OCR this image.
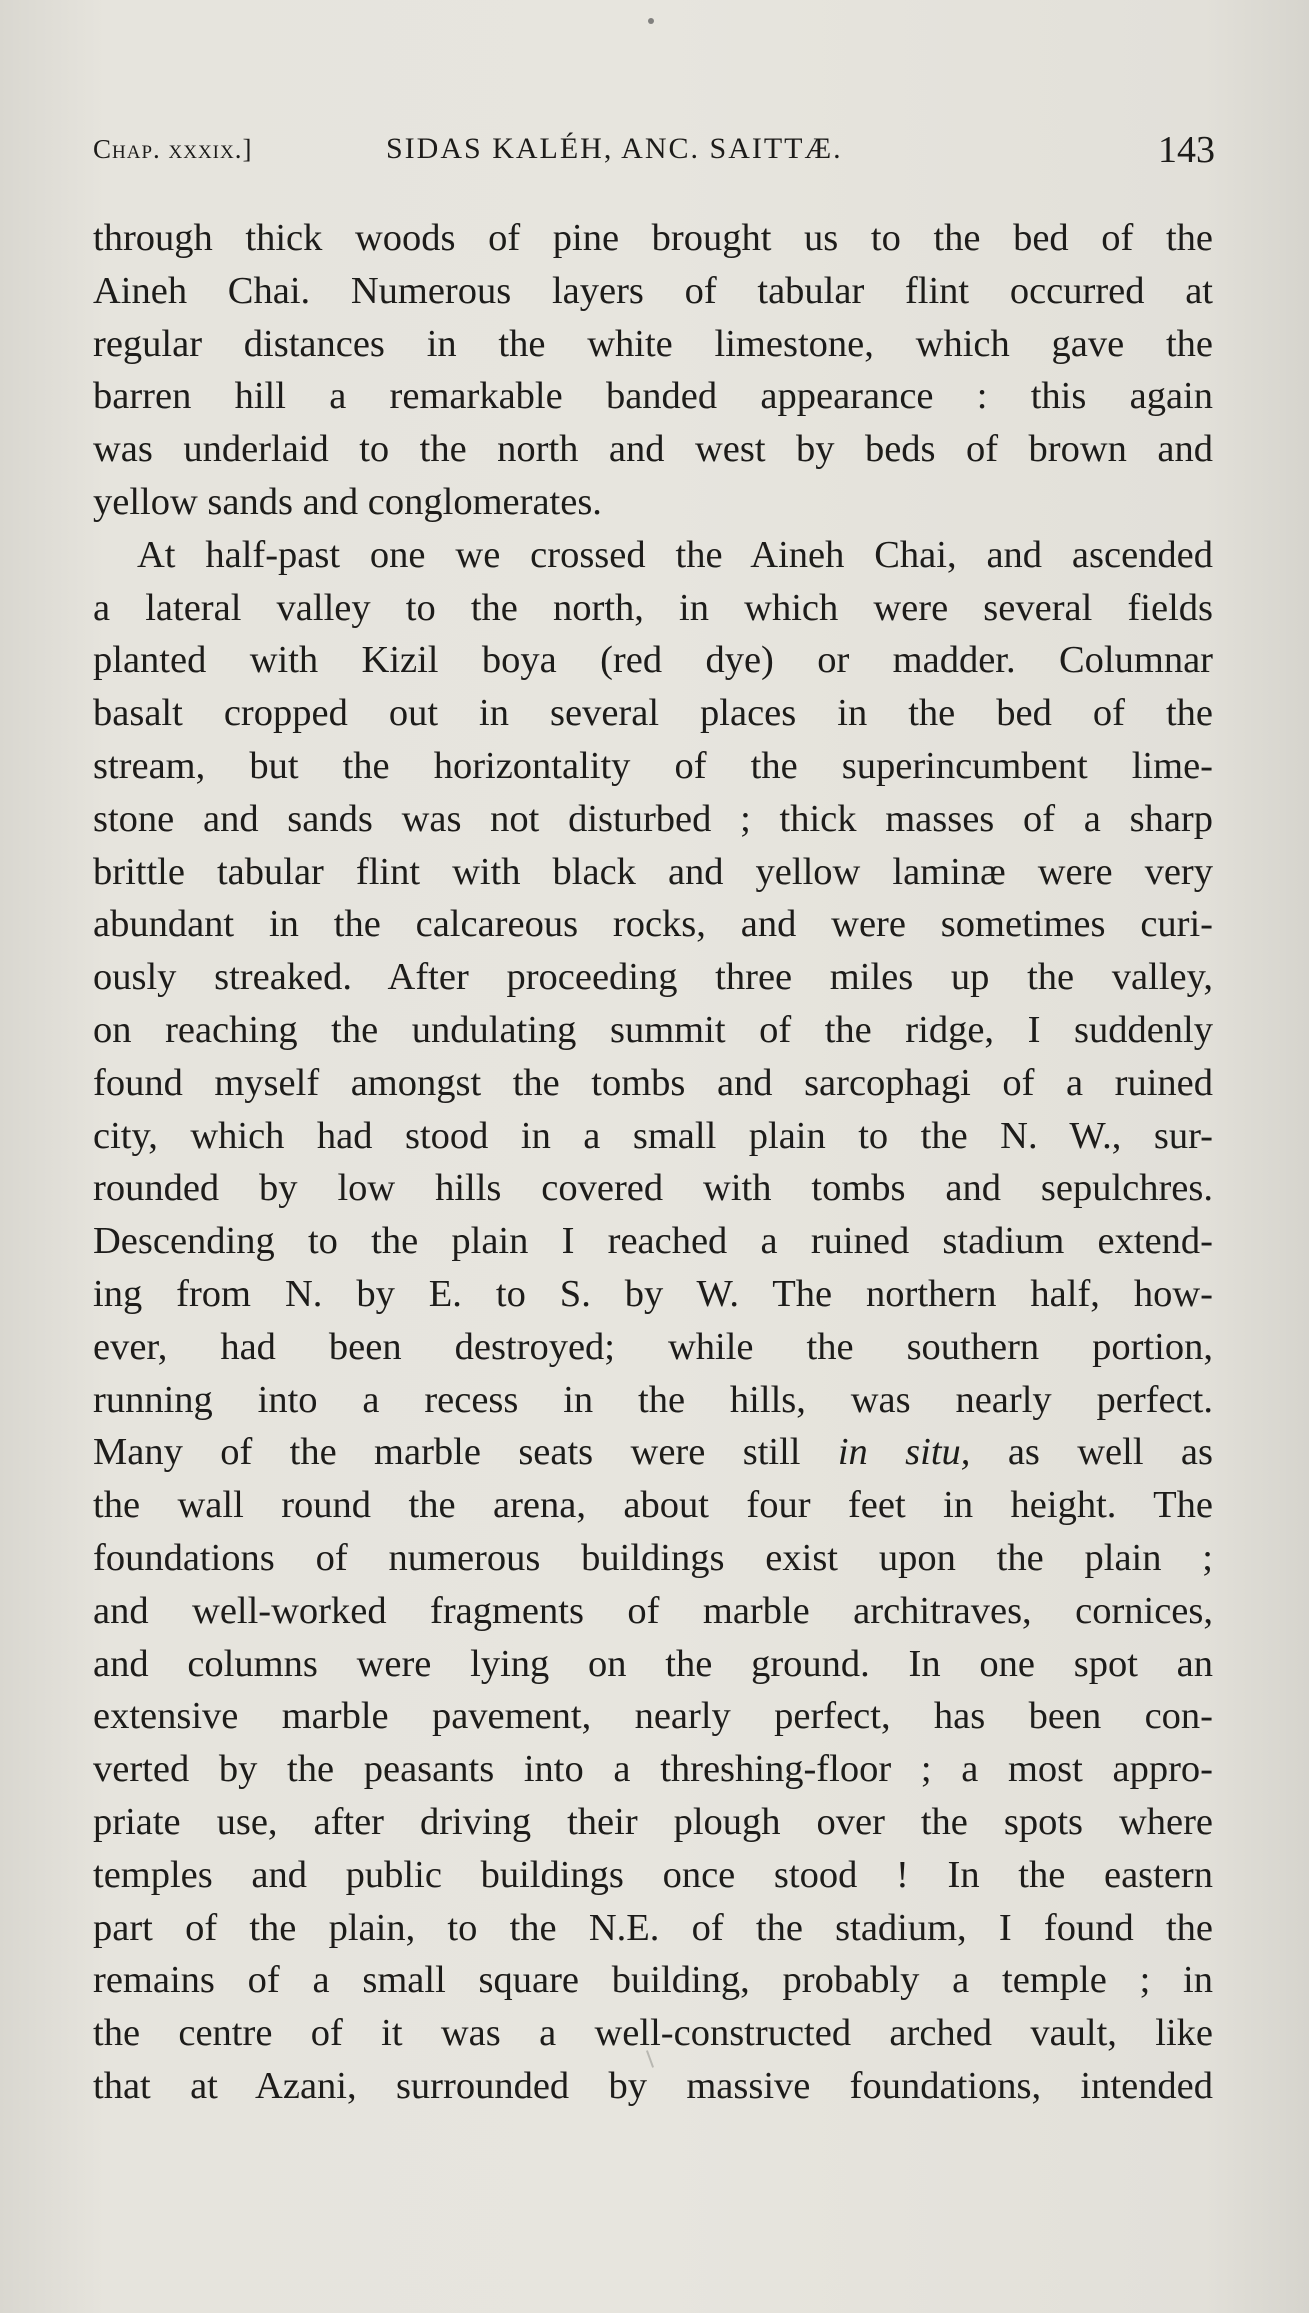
Chap. xxxix.]	SIDAS KALÉH, ANC. SAITTÆ.	143
through thick woods of pine brought us to the bed of the
Aineh Chai. Numerous layers of tabular flint occurred at
regular distances in the white limestone, which gave the
barren hill a remarkable banded appearance : this again
was underlaid to the north and west by beds of brown and
yellow sands and conglomerates.
At half-past one we crossed the Aineh Chai, and ascended
a lateral valley to the north, in which were several fields
planted with Kizil boya (red dye) or madder. Columnar
basalt cropped out in several places in the bed of the
stream, but the horizontality of the superincumbent lime-
stone and sands was not disturbed ; thick masses of a sharp
brittle tabular flint with black and yellow laminæ were very
abundant in the calcareous rocks, and were sometimes curi-
ously streaked. After proceeding three miles up the valley,
on reaching the undulating summit of the ridge, I suddenly
found myself amongst the tombs and sarcophagi of a ruined
city, which had stood in a small plain to the N. W., sur-
rounded by low hills covered with tombs and sepulchres.
Descending to the plain I reached a ruined stadium extend-
ing from N. by E. to S. by W. The northern half, how-
ever, had been destroyed; while the southern portion,
running into a recess in the hills, was nearly perfect.
Many of the marble seats were still in situ, as well as
the wall round the arena, about four feet in height. The
foundations of numerous buildings exist upon the plain ;
and well-worked fragments of marble architraves, cornices,
and columns were lying on the ground. In one spot an
extensive marble pavement, nearly perfect, has been con-
verted by the peasants into a threshing-floor ; a most appro-
priate use, after driving their plough over the spots where
temples and public buildings once stood ! In the eastern
part of the plain, to the N.E. of the stadium, I found the
remains of a small square building, probably a temple ; in
the centre of it was a well-constructed arched vault, like
that at Azani, surrounded by massive foundations, intended
